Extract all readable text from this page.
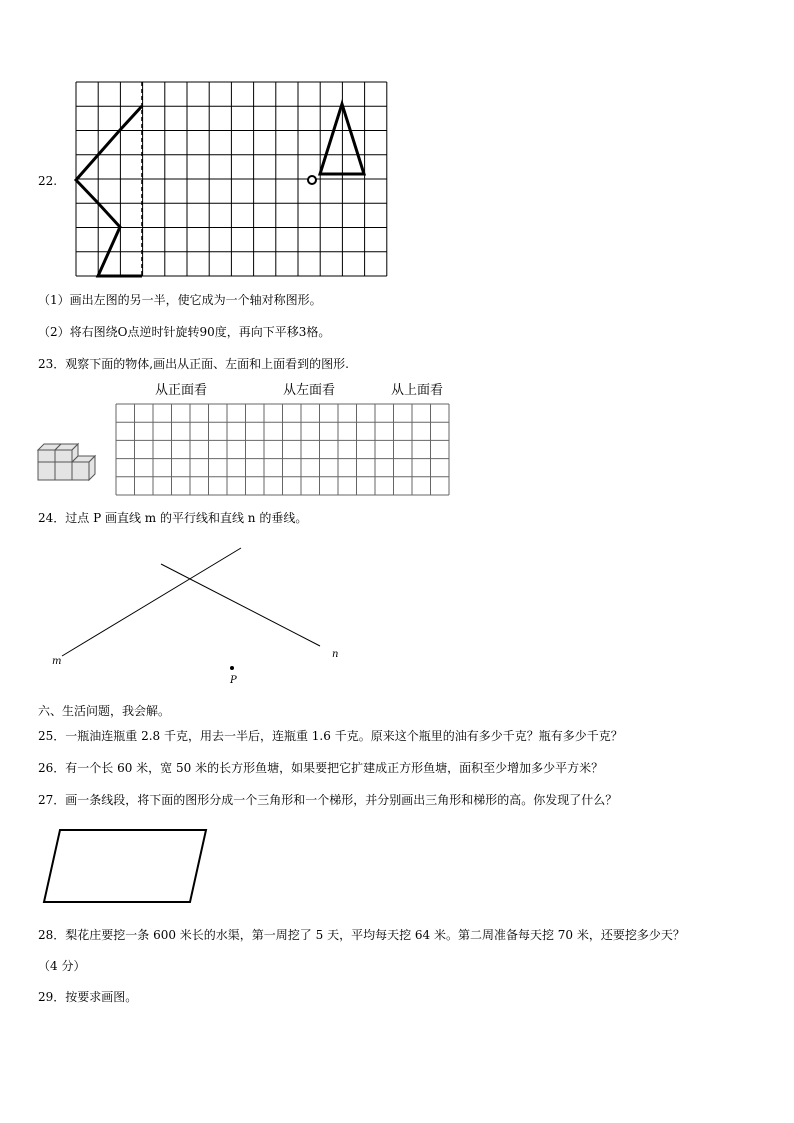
22.
（1）画出左图的另一半，使它成为一个轴对称图形。
（2）将右图绕O点逆时针旋转90度，再向下平移3格。
23．观察下面的物体,画出从正面、左面和上面看到的图形.
从正面看	从左面看	从上面看
24．过点 P 画直线 m 的平行线和直线 n 的垂线。
m
n
P
六、生活问题，我会解。
25．一瓶油连瓶重 2.8 千克，用去一半后，连瓶重 1.6 千克。原来这个瓶里的油有多少千克？瓶有多少千克？
26．有一个长 60 米，宽 50 米的长方形鱼塘，如果要把它扩建成正方形鱼塘，面积至少增加多少平方米？
27．画一条线段，将下面的图形分成一个三角形和一个梯形，并分别画出三角形和梯形的高。你发现了什么？
28．梨花庄要挖一条 600 米长的水渠，第一周挖了 5 天，平均每天挖 64 米。第二周准备每天挖 70 米，还要挖多少天？
（4 分）
29．按要求画图。
